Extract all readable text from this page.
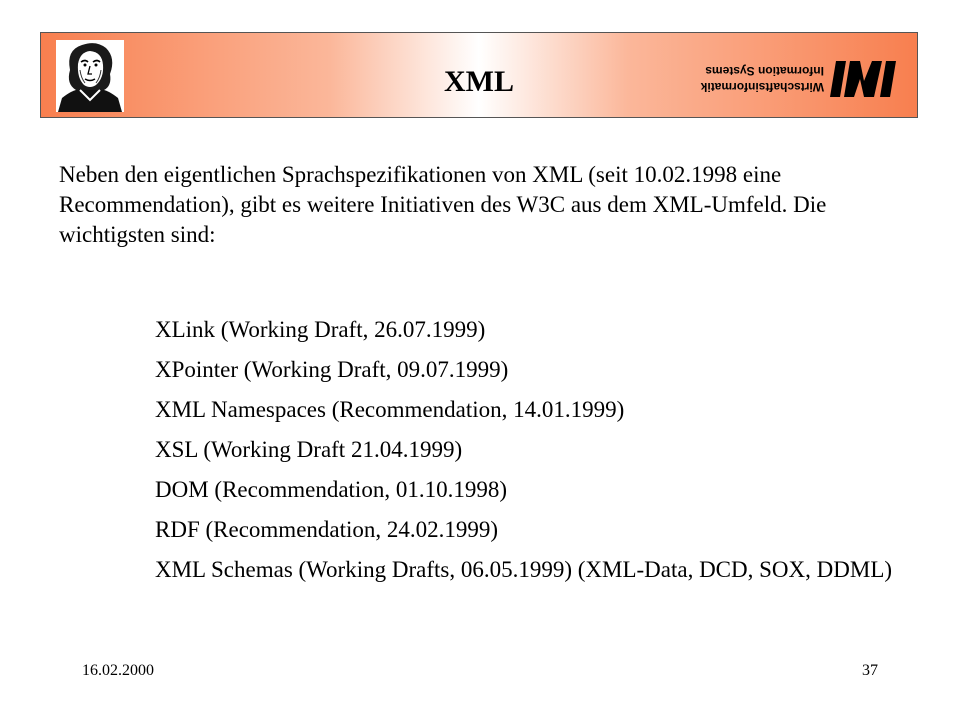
XML	Wirtschaftsinformatik
Information Systems

Neben den eigentlichen Sprachspezifikationen von XML (seit 10.02.1998 eine Recommendation), gibt es weitere Initiativen des W3C aus dem XML-Umfeld. Die wichtigsten sind:

XLink (Working Draft, 26.07.1999)
XPointer (Working Draft, 09.07.1999)
XML Namespaces (Recommendation, 14.01.1999)
XSL (Working Draft 21.04.1999)
DOM (Recommendation, 01.10.1998)
RDF (Recommendation, 24.02.1999)
XML Schemas (Working Drafts, 06.05.1999) (XML-Data, DCD, SOX, DDML)
16.02.2000	37
